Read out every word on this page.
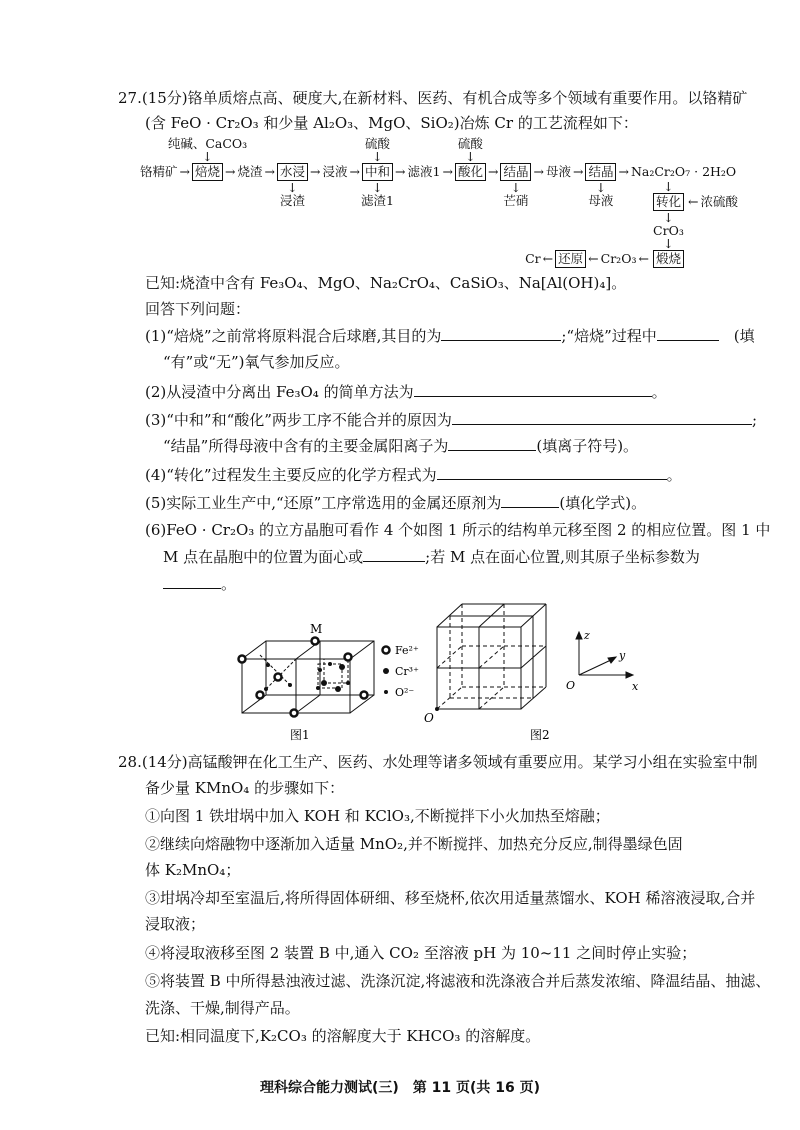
27.(15分)铬单质熔点高、硬度大,在新材料、医药、有机合成等多个领域有重要作用。以铬精矿
(含 FeO · Cr₂O₃ 和少量 Al₂O₃、MgO、SiO₂)冶炼 Cr 的工艺流程如下：
铬精矿 →
纯碱、CaCO₃
↓
焙烧 → 烧渣 → 水浸
↓
浸渣
→ 浸液 →
硫酸
↓
中和
↓
滤渣1
→ 滤液1 →
硫酸
↓
酸化 → 结晶
↓
芒硝
→ 母液 → 结晶
↓
母液
→ Na₂Cr₂O₇ · 2H₂O
↓
转化 ← 浓硫酸
↓
CrO₃
↓
煅烧
Cr ← 还原 ← Cr₂O₃ ←
已知:烧渣中含有 Fe₃O₄、MgO、Na₂CrO₄、CaSiO₃、Na[Al(OH)₄]。
回答下列问题：
(1)“焙烧”之前常将原料混合后球磨,其目的为	;“焙烧”过程中　	(填
“有”或“无”)氧气参加反应。
(2)从浸渣中分离出 Fe₃O₄ 的简单方法为	。
(3)“中和”和“酸化”两步工序不能合并的原因为	;
“结晶”所得母液中含有的主要金属阳离子为	(填离子符号)。
(4)“转化”过程发生主要反应的化学方程式为	。
(5)实际工业生产中,“还原”工序常选用的金属还原剂为	(填化学式)。
(6)FeO · Cr₂O₃ 的立方晶胞可看作 4 个如图 1 所示的结构单元移至图 2 的相应位置。图 1 中
M 点在晶胞中的位置为面心或	;若 M 点在面心位置,则其原子坐标参数为
。
M
Fe²⁺
Cr³⁺
O²⁻
图1
O
图2
z
y
x
O
28.(14分)高锰酸钾在化工生产、医药、水处理等诸多领域有重要应用。某学习小组在实验室中制
备少量 KMnO₄ 的步骤如下：
①向图 1 铁坩埚中加入 KOH 和 KClO₃,不断搅拌下小火加热至熔融；
②继续向熔融物中逐渐加入适量 MnO₂,并不断搅拌、加热充分反应,制得墨绿色固
体 K₂MnO₄；
③坩埚冷却至室温后,将所得固体研细、移至烧杯,依次用适量蒸馏水、KOH 稀溶液浸取,合并
浸取液；
④将浸取液移至图 2 装置 B 中,通入 CO₂ 至溶液 pH 为 10~11 之间时停止实验；
⑤将装置 B 中所得悬浊液过滤、洗涤沉淀,将滤液和洗涤液合并后蒸发浓缩、降温结晶、抽滤、
洗涤、干燥,制得产品。
已知:相同温度下,K₂CO₃ 的溶解度大于 KHCO₃ 的溶解度。
理科综合能力测试(三)　第 11 页(共 16 页)
